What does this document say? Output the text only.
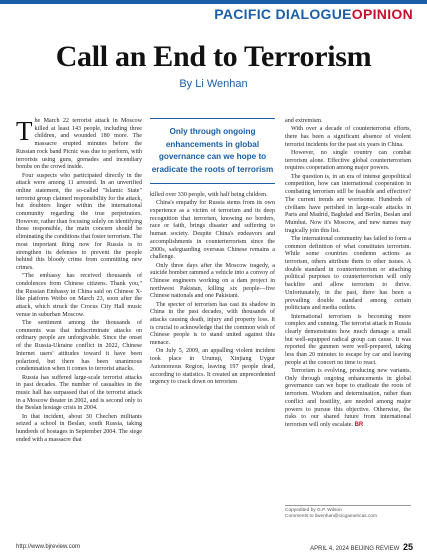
PACIFIC DIALOGUEOPINION
Call an End to Terrorism
By Li Wenhan

The March 22 terrorist attack in Moscow killed at least 143 people, including three children, and wounded 180 more. The massacre erupted minutes before the Russian rock band Picnic was due to perform, with terrorists using guns, grenades and incendiary bombs on the crowd inside.

Four suspects who participated directly in the attack were among 11 arrested. In an unverified online statement, the so-called "Islamic State" terrorist group claimed responsibility for the attack, but doubters linger within the international community regarding the true perpetrators. However, rather than focusing solely on identifying those responsible, the main concern should be eliminating the conditions that foster terrorism. The most important thing now for Russia is to strengthen its defenses to prevent the people behind this bloody crime from committing new crimes.

"The embassy has received thousands of condolences from Chinese citizens. Thank you," the Russian Embassy in China said on Chinese X-like platform Weibo on March 23, soon after the attack, which struck the Crocus City Hall music venue in suburban Moscow.

The sentiment among the thousands of comments was that indiscriminate attacks on ordinary people are unforgivable. Since the onset of the Russia-Ukraine conflict in 2022, Chinese Internet users' attitudes toward it have been polarized, but there has been unanimous condemnation when it comes to terrorist attacks.

Russia has suffered large-scale terrorist attacks in past decades. The number of casualties in the music hall has surpassed that of the terrorist attack in a Moscow theater in 2002, and is second only to the Beslan hostage crisis in 2004.

In that incident, about 30 Chechen militants seized a school in Beslan, south Russia, taking hundreds of hostages in September 2004. The siege ended with a massacre that

Only through ongoing enhancements in global governance can we hope to eradicate the roots of terrorism

killed over 330 people, with half being children.

China's empathy for Russia stems from its own experience as a victim of terrorism and its deep recognition that terrorism, knowing no borders, race or faith, brings disaster and suffering to human society. Despite China's endeavors and accomplishments in counterterrorism since the 2000s, safeguarding overseas Chinese remains a challenge.

Only three days after the Moscow tragedy, a suicide bomber rammed a vehicle into a convoy of Chinese engineers working on a dam project in northwest Pakistan, killing six people—five Chinese nationals and one Pakistani.

The specter of terrorism has cast its shadow in China in the past decades, with thousands of attacks causing death, injury and property loss. It is crucial to acknowledge that the common wish of Chinese people is to stand united against this menace.

On July 5, 2009, an appalling violent incident took place in Urumqi, Xinjiang Uygur Autonomous Region, leaving 197 people dead, according to statistics. It created an unprecedented urgency to crack down on terrorism

and extremism.

With over a decade of counterterrorist efforts, there has been a significant absence of violent terrorist incidents for the past six years in China.

However, no single country can combat terrorism alone. Effective global counterterrorism requires cooperation among major powers.

The question is, in an era of intense geopolitical competition, how can international cooperation in combating terrorism still be feasible and effective? The current trends are worrisome. Hundreds of civilians have perished in large-scale attacks in Paris and Madrid, Baghdad and Berlin, Beslan and Mumbai. Now it's Moscow, and new names may tragically join this list.

The international community has failed to form a common definition of what constitutes terrorism. While some countries condemn actions as terrorism, others attribute them to other issues. A double standard in counterterrorism or attaching political purposes to counterterrorism will only backfire and allow terrorism to thrive. Unfortunately, in the past, there has been a prevailing double standard among certain politicians and media outlets.

International terrorism is becoming more complex and cunning. The terrorist attack in Russia clearly demonstrates how much damage a small but well-equipped radical group can cause. It was reported the gunmen were well-prepared, taking less than 20 minutes to escape by car and leaving people at the concert no time to react.

Terrorism is evolving, producing new variants. Only through ongoing enhancements in global governance can we hope to eradicate the roots of terrorism. Wisdom and determination, rather than conflict and hostility, are needed among major powers to pursue this objective. Otherwise, the risks to our shared future from international terrorism will only escalate. BR

Copyedited by G.P. Wilson
Comments to liwenhan@cicgamericas.com
http://www.bjreview.com	APRIL 4, 2024 BEIJING REVIEW 25
